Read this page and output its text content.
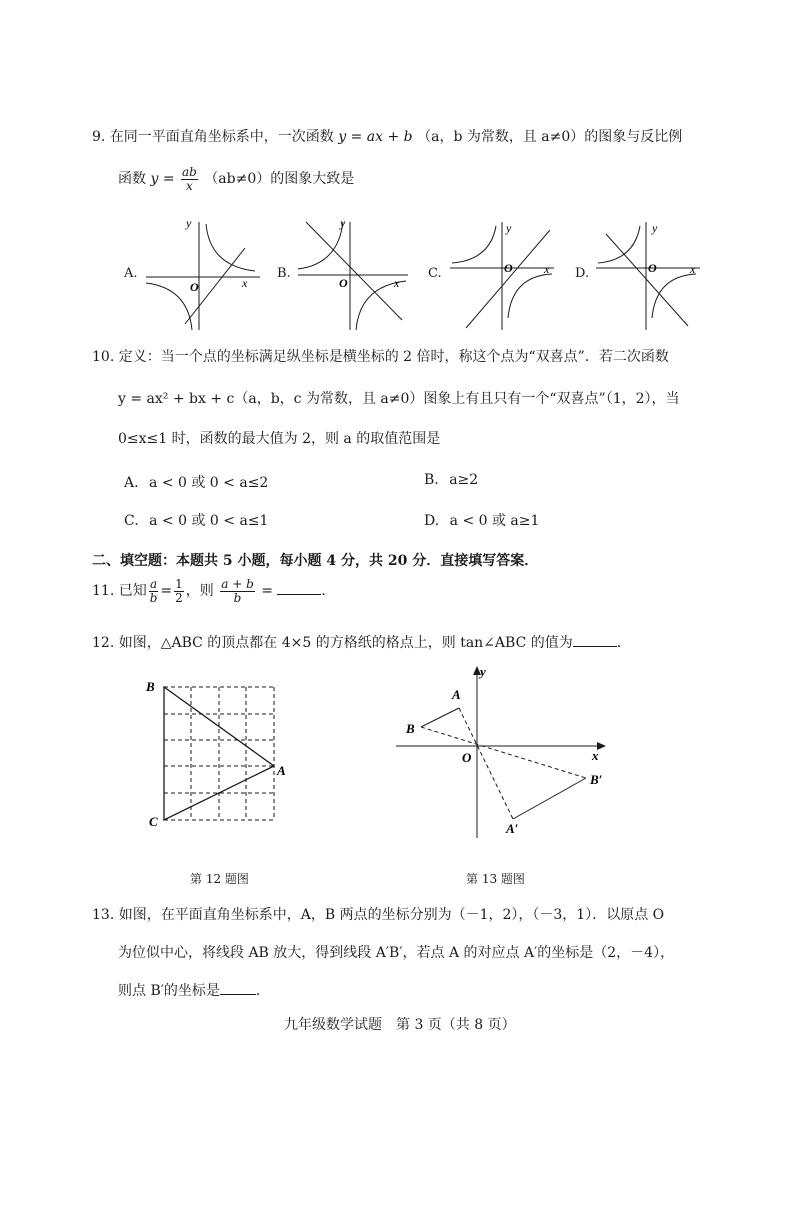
9. 在同一平面直角坐标系中，一次函数 y = ax + b （a，b 为常数，且 a≠0）的图象与反比例
函数 $y = \frac{ab}{x} (ab\ne 0)$的图象大致是
A.
y
O	x
B.
y
O	x
C.
y
O	x D.
y
O	x
10. 定义：当一个点的坐标满足纵坐标是横坐标的 2 倍时，称这个点为“双喜点”．若二次函数
y = ax² + bx + c（a，b，c 为常数，且 a≠0）图象上有且只有一个“双喜点”（1，2），当
0≤x≤1 时，函数的最大值为 2，则 a 的取值范围是
A. a < 0 或 0 < a≤2	B. a≥2
C. a < 0 或 0 < a≤1	D. a < 0 或 a≥1
二、填空题：本题共 5 小题，每小题 4 分，共 20 分．直接填写答案．
11. 已知 $\frac{a}{b} = \frac{1}{2}$ ，则 $\frac{a + b}{b}$ =	．
12. 如图，△ABC 的顶点都在 4×5 的方格纸的格点上，则 tan∠ABC 的值为	．
B
A
C
第 12 题图
A
B
O
y
x
B′
A′
第 13 题图
13. 如图，在平面直角坐标系中，A，B 两点的坐标分别为（－1，2），（－3，1）．以原点 O
为位似中心，将线段 AB 放大，得到线段 A′B′，若点 A 的对应点 A′的坐标是（2，－4），
则点 B′的坐标是	．
九年级数学试题　第 3 页（共 8 页）
